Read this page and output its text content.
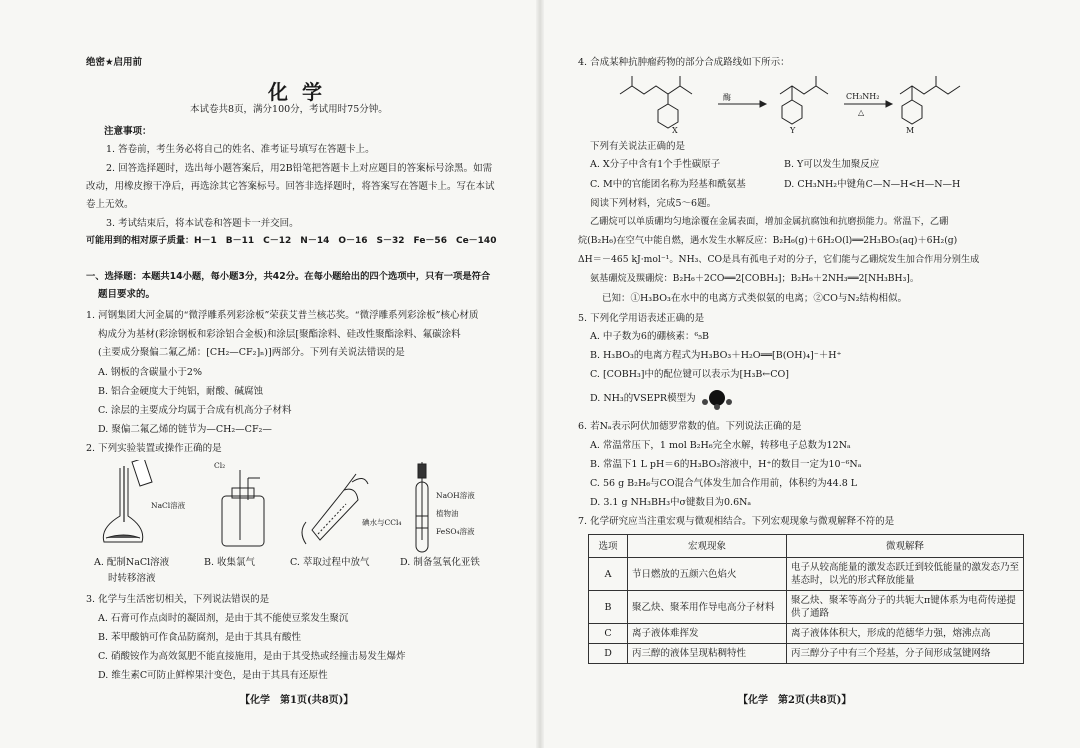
绝密★启用前
化学
本试卷共8页，满分100分，考试用时75分钟。
注意事项：
1. 答卷前，考生务必将自己的姓名、准考证号填写在答题卡上。
2. 回答选择题时，选出每小题答案后，用2B铅笔把答题卡上对应题目的答案标号涂黑。如需
改动，用橡皮擦干净后，再选涂其它答案标号。回答非选择题时，将答案写在答题卡上。写在本试
卷上无效。
3. 考试结束后，将本试卷和答题卡一并交回。
可能用到的相对原子质量：H－1　B－11　C－12　N－14　O－16　S－32　Fe－56　Ce－140
一、选择题：本题共14小题，每小题3分，共42分。在每小题给出的四个选项中，只有一项是符合
题目要求的。
1. 河钢集团大河金属的“微浮雕系列彩涂板”荣获艾普兰核芯奖。“微浮雕系列彩涂板”核心材质
构成分为基材(彩涂钢板和彩涂铝合金板)和涂层[聚酯涂料、硅改性聚酯涂料、氟碳涂料
(主要成分聚偏二氟乙烯：[CH₂—CF₂]ₙ)]两部分。下列有关说法错误的是
A. 钢板的含碳量小于2%
B. 铝合金硬度大于纯铝，耐酸、碱腐蚀
C. 涂层的主要成分均属于合成有机高分子材料
D. 聚偏二氟乙烯的链节为—CH₂—CF₂—
2. 下列实验装置或操作正确的是
NaCl溶液
Cl₂
碘水与CCl₄
NaOH溶液
植物油
FeSO₄溶液
A. 配制NaCl溶液
时转移溶液
B. 收集氯气	C. 萃取过程中放气	D. 制备氢氧化亚铁
3. 化学与生活密切相关，下列说法错误的是
A. 石膏可作点卤时的凝固剂，是由于其不能使豆浆发生聚沉
B. 苯甲酸钠可作食品防腐剂，是由于其具有酸性
C. 硝酸铵作为高效氮肥不能直接施用，是由于其受热或经撞击易发生爆炸
D. 维生素C可防止鲜榨果汁变色，是由于其具有还原性
【化学　第1页(共8页)】
4. 合成某种抗肿瘤药物的部分合成路线如下所示：
酶	CH₃NH₂
△
X	Y	M
下列有关说法正确的是
A. X分子中含有1个手性碳原子	B. Y可以发生加聚反应
C. M中的官能团名称为羟基和酰氨基	D. CH₃NH₂中键角C—N—H<H—N—H
阅读下列材料，完成5～6题。
乙硼烷可以单质硼均匀地涂覆在金属表面，增加金属抗腐蚀和抗磨损能力。常温下，乙硼
烷(B₂H₆)在空气中能自燃，遇水发生水解反应：B₂H₆(g)＋6H₂O(l)══2H₃BO₃(aq)＋6H₂(g)
ΔH＝－465 kJ·mol⁻¹。NH₃、CO是具有孤电子对的分子，它们能与乙硼烷发生加合作用分别生成
氨基硼烷及羰硼烷：B₂H₆＋2CO══2[COBH₃]；B₂H₆＋2NH₃══2[NH₃BH₃]。
已知：①H₃BO₃在水中的电离方式类似氨的电离；②CO与N₂结构相似。
5. 下列化学用语表述正确的是
A. 中子数为6的硼核素：⁶₅B
B. H₃BO₃的电离方程式为H₃BO₃＋H₂O══[B(OH)₄]⁻＋H⁺
C. [COBH₃]中的配位键可以表示为[H₃B←CO]
D. NH₃的VSEPR模型为
6. 若Nₐ表示阿伏加德罗常数的值。下列说法正确的是
A. 常温常压下，1 mol B₂H₆完全水解，转移电子总数为12Nₐ
B. 常温下1 L pH＝6的H₃BO₃溶液中，H⁺的数目一定为10⁻⁶Nₐ
C. 56 g B₂H₆与CO混合气体发生加合作用前，体积约为44.8 L
D. 3.1 g NH₃BH₃中σ键数目为0.6Nₐ
7. 化学研究应当注重宏观与微观相结合。下列宏观现象与微观解释不符的是
选项	宏观现象	微观解释
A	节日燃放的五颜六色焰火	电子从较高能量的激发态跃迁到较低能量的激发态乃至基态时，以光的形式释放能量
B	聚乙炔、聚苯用作导电高分子材料	聚乙炔、聚苯等高分子的共轭大π键体系为电荷传递提供了通路
C	离子液体难挥发	离子液体体积大，形成的范德华力强，熔沸点高
D	丙三醇的液体呈现粘稠特性	丙三醇分子中有三个羟基，分子间形成氢键网络
【化学　第2页(共8页)】
